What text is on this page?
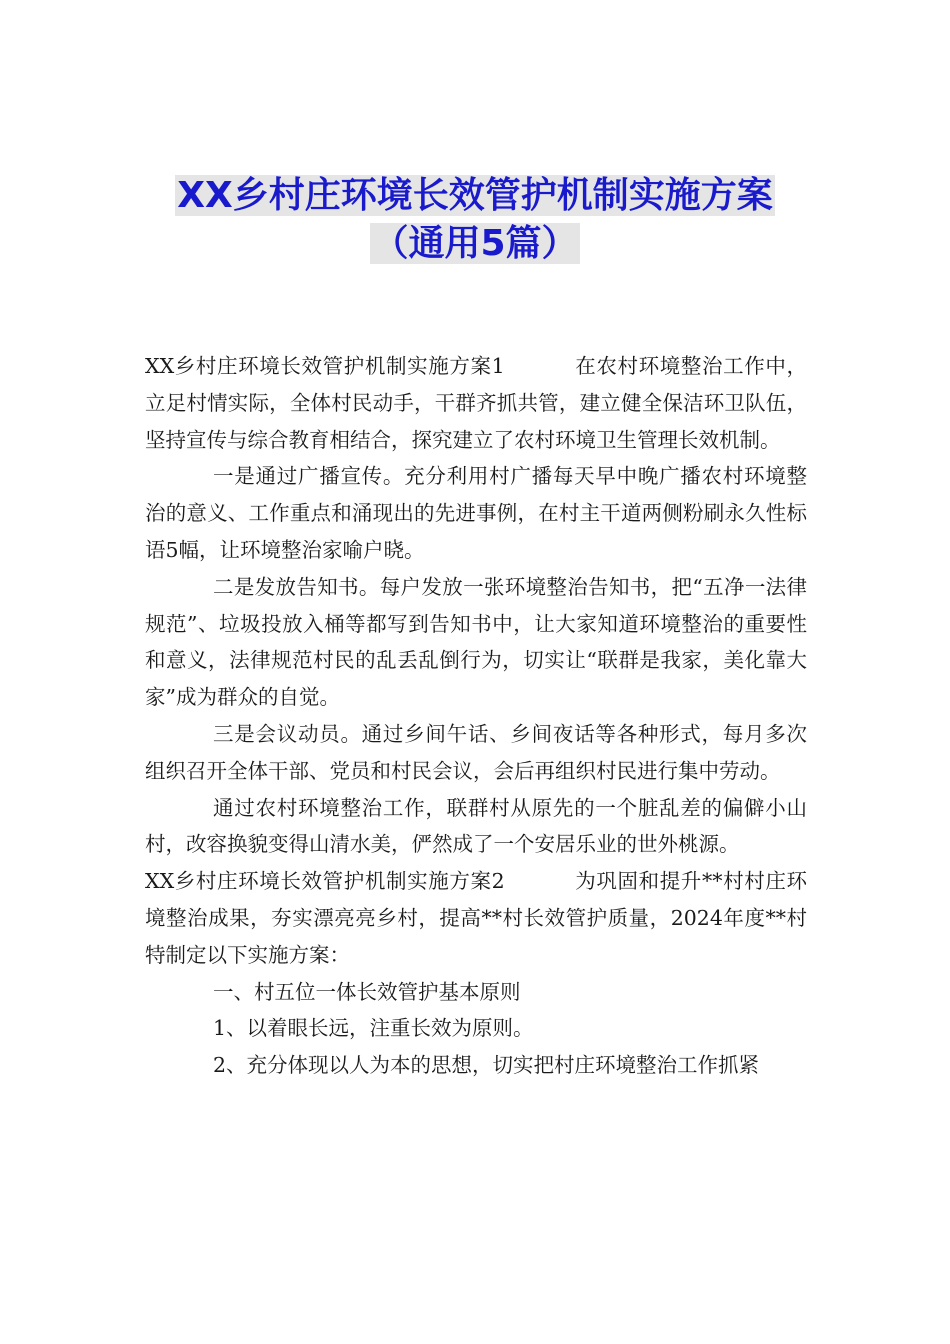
XX乡村庄环境长效管护机制实施方案
（通用5篇）

XX乡村庄环境长效管护机制实施方案1	在农村环境整治工作中，立足村情实际，全体村民动手，干群齐抓共管，建立健全保洁环卫队伍，坚持宣传与综合教育相结合，探究建立了农村环境卫生管理长效机制。

一是通过广播宣传。充分利用村广播每天早中晚广播农村环境整治的意义、工作重点和涌现出的先进事例，在村主干道两侧粉刷永久性标语5幅，让环境整治家喻户晓。

二是发放告知书。每户发放一张环境整治告知书，把“五净一法律规范”、垃圾投放入桶等都写到告知书中，让大家知道环境整治的重要性和意义，法律规范村民的乱丢乱倒行为，切实让“联群是我家，美化靠大家”成为群众的自觉。

三是会议动员。通过乡间午话、乡间夜话等各种形式，每月多次组织召开全体干部、党员和村民会议，会后再组织村民进行集中劳动。

通过农村环境整治工作，联群村从原先的一个脏乱差的偏僻小山村，改容换貌变得山清水美，俨然成了一个安居乐业的世外桃源。

XX乡村庄环境长效管护机制实施方案2	为巩固和提升**村村庄环境整治成果，夯实漂亮亮乡村，提高**村长效管护质量，2024年度**村特制定以下实施方案：

一、村五位一体长效管护基本原则

1、以着眼长远，注重长效为原则。

2、充分体现以人为本的思想，切实把村庄环境整治工作抓紧
